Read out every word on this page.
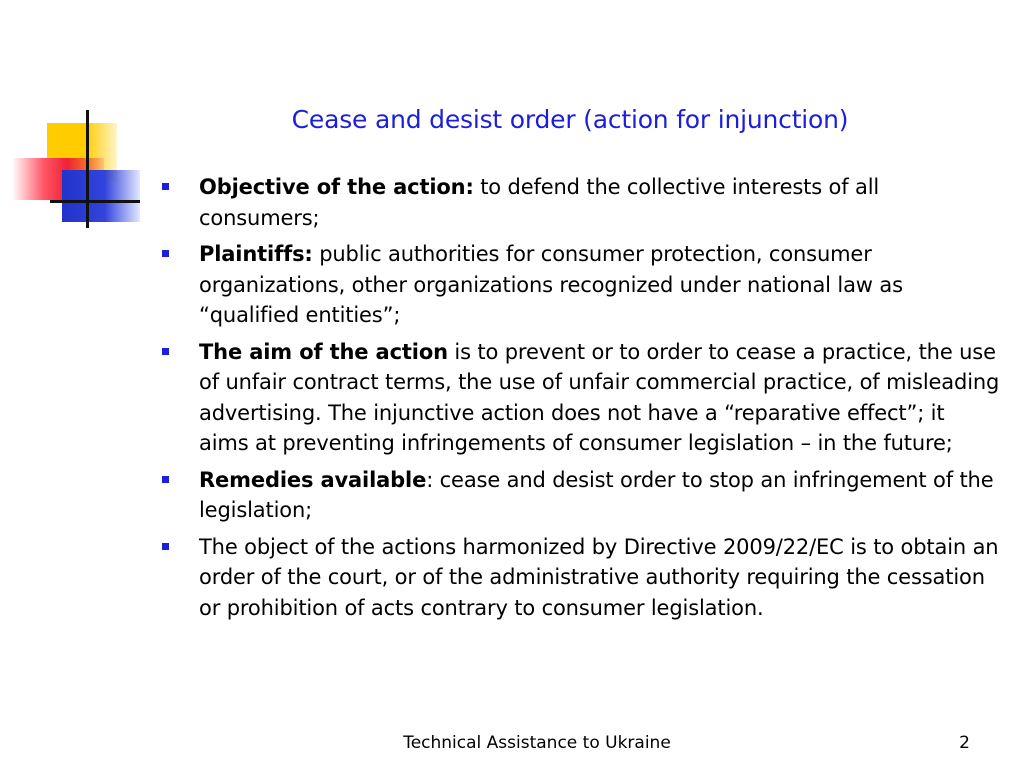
Cease and desist order (action for injunction)
Objective of the action: to defend the collective interests of all consumers;
Plaintiffs: public authorities for consumer protection, consumer organizations, other organizations recognized under national law as “qualified entities”;
The aim of the action is to prevent or to order to cease a practice, the use of unfair contract terms, the use of unfair commercial practice, of misleading advertising. The injunctive action does not have a “reparative effect”; it aims at preventing infringements of consumer legislation – in the future;
Remedies available: cease and desist order to stop an infringement of the legislation;
The object of the actions harmonized by Directive 2009/22/EC is to obtain an order of the court, or of the administrative authority requiring the cessation or prohibition of acts contrary to consumer legislation.
Technical Assistance to Ukraine	2
